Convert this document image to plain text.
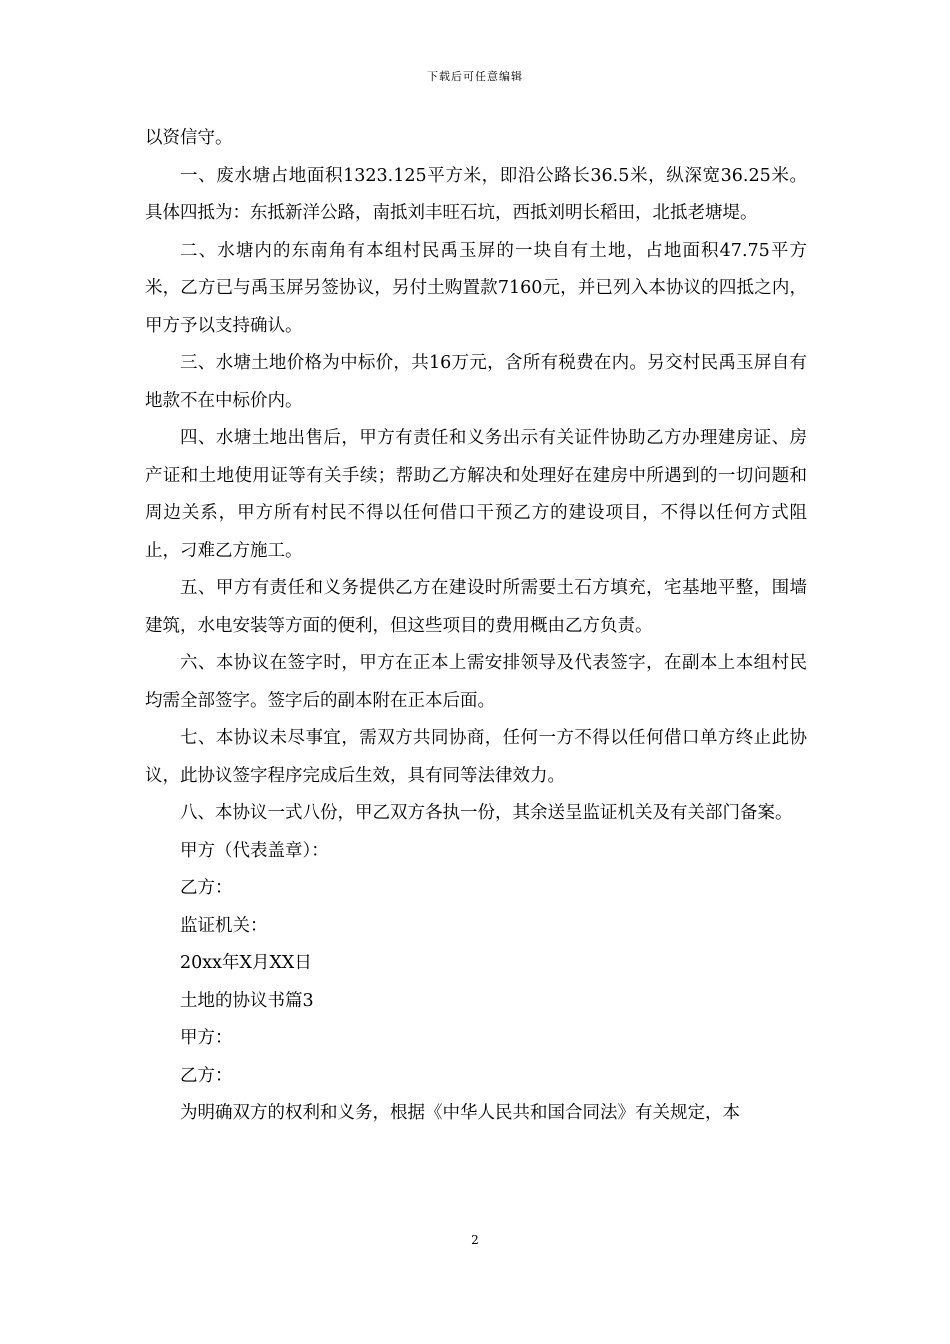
下载后可任意编辑

以资信守。

一、废水塘占地面积1323.125平方米，即沿公路长36.5米，纵深宽36.25米。具体四抵为：东抵新洋公路，南抵刘丰旺石坑，西抵刘明长稻田，北抵老塘堤。

二、水塘内的东南角有本组村民禹玉屏的一块自有土地，占地面积47.75平方米，乙方已与禹玉屏另签协议，另付土购置款7160元，并已列入本协议的四抵之内，甲方予以支持确认。

三、水塘土地价格为中标价，共16万元，含所有税费在内。另交村民禹玉屏自有地款不在中标价内。

四、水塘土地出售后，甲方有责任和义务出示有关证件协助乙方办理建房证、房产证和土地使用证等有关手续；帮助乙方解决和处理好在建房中所遇到的一切问题和周边关系，甲方所有村民不得以任何借口干预乙方的建设项目，不得以任何方式阻止，刁难乙方施工。

五、甲方有责任和义务提供乙方在建设时所需要土石方填充，宅基地平整，围墙建筑，水电安装等方面的便利，但这些项目的费用概由乙方负责。

六、本协议在签字时，甲方在正本上需安排领导及代表签字，在副本上本组村民均需全部签字。签字后的副本附在正本后面。

七、本协议未尽事宜，需双方共同协商，任何一方不得以任何借口单方终止此协议，此协议签字程序完成后生效，具有同等法律效力。

八、本协议一式八份，甲乙双方各执一份，其余送呈监证机关及有关部门备案。

甲方（代表盖章）：

乙方：

监证机关：

20xx年X月XX日

土地的协议书篇3

甲方：

乙方：

为明确双方的权利和义务，根据《中华人民共和国合同法》有关规定，本

2
